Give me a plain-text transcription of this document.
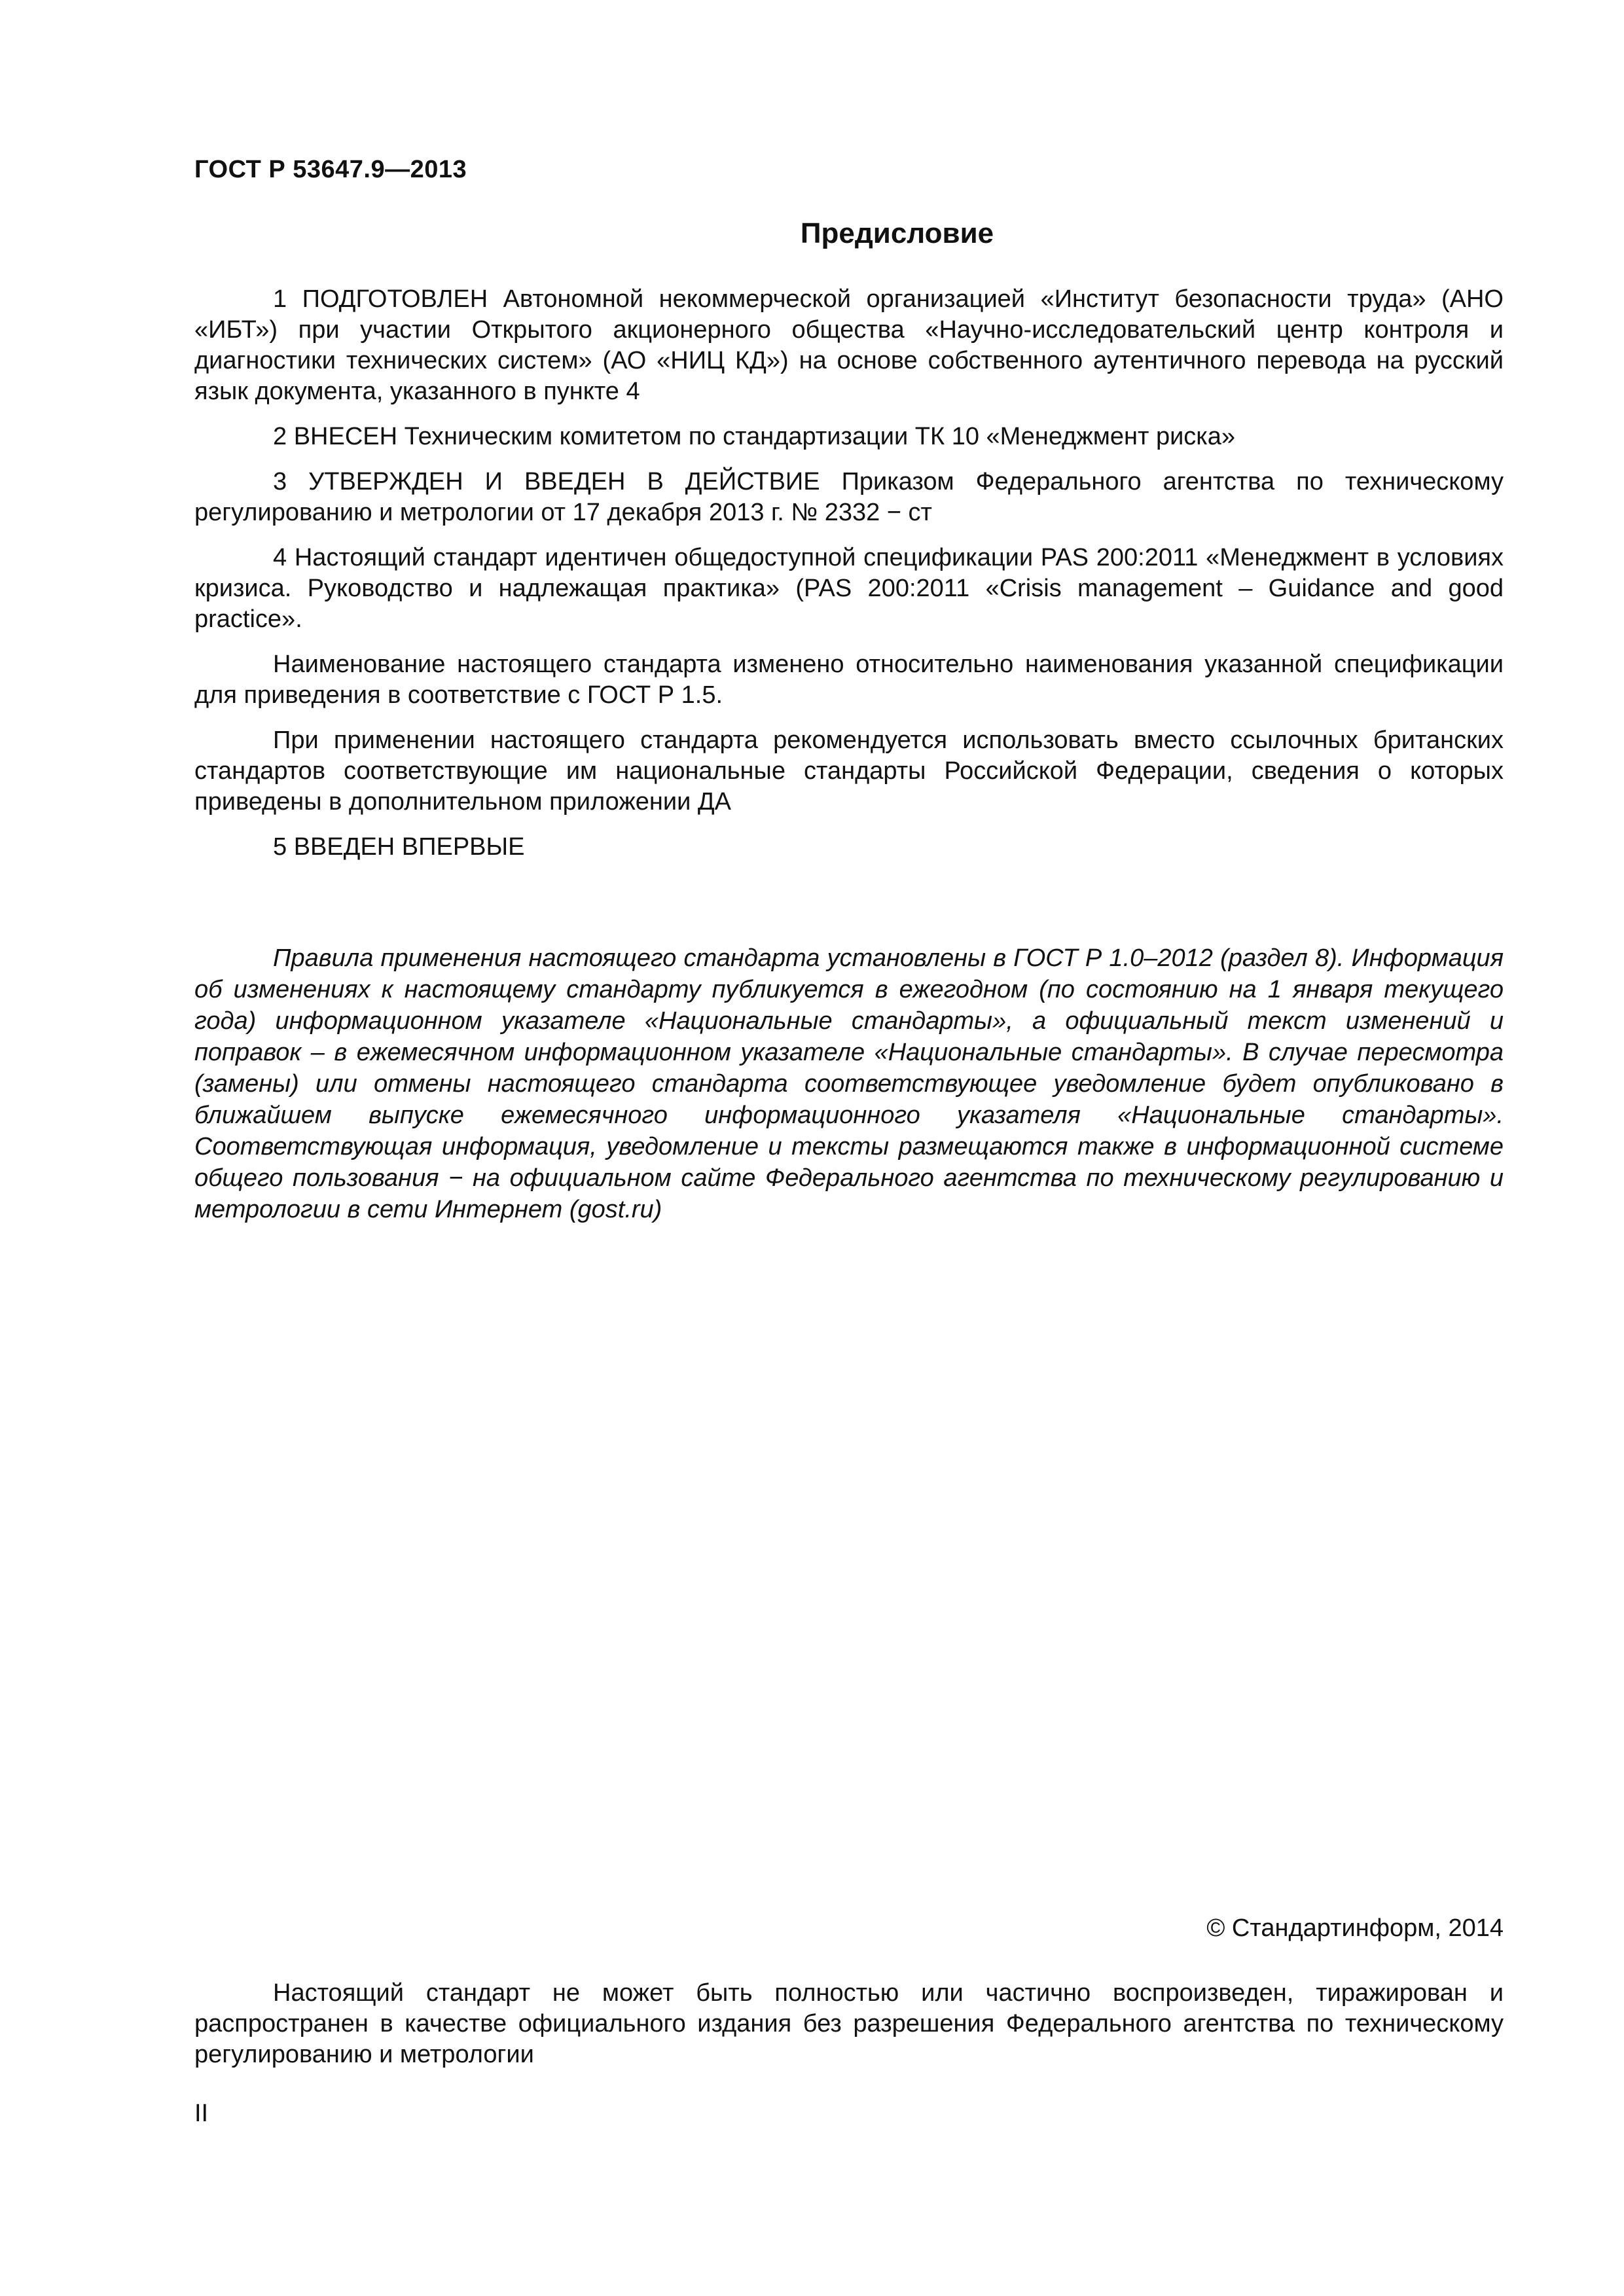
ГОСТ Р 53647.9—2013
Предисловие

1 ПОДГОТОВЛЕН Автономной некоммерческой организацией «Институт безопасности труда» (АНО «ИБТ») при участии Открытого акционерного общества «Научно-исследовательский центр контроля и диагностики технических систем» (АО «НИЦ КД») на основе собственного аутентичного перевода на русский язык документа, указанного в пункте 4

2 ВНЕСЕН Техническим комитетом по стандартизации ТК 10 «Менеджмент риска»

3 УТВЕРЖДЕН И ВВЕДЕН В ДЕЙСТВИЕ Приказом Федерального агентства по техническому регулированию и метрологии от 17 декабря 2013 г. № 2332 − ст

4 Настоящий стандарт идентичен общедоступной спецификации PAS 200:2011 «Менеджмент в условиях кризиса. Руководство и надлежащая практика» (PAS 200:2011 «Crisis management – Guidance and good practice».

Наименование настоящего стандарта изменено относительно наименования указанной спецификации для приведения в соответствие с ГОСТ Р 1.5.

При применении настоящего стандарта рекомендуется использовать вместо ссылочных британских стандартов соответствующие им национальные стандарты Российской Федерации, сведения о которых приведены в дополнительном приложении ДА

5 ВВЕДЕН ВПЕРВЫЕ

Правила применения настоящего стандарта установлены в ГОСТ Р 1.0–2012 (раздел 8). Информация об изменениях к настоящему стандарту публикуется в ежегодном (по состоянию на 1 января текущего года) информационном указателе «Национальные стандарты», а официальный текст изменений и поправок – в ежемесячном информационном указателе «Национальные стандарты». В случае пересмотра (замены) или отмены настоящего стандарта соответствующее уведомление будет опубликовано в ближайшем выпуске ежемесячного информационного указателя «Национальные стандарты». Соответствующая информация, уведомление и тексты размещаются также в информационной системе общего пользования − на официальном сайте Федерального агентства по техническому регулированию и метрологии в сети Интернет (gost.ru)
© Стандартинформ, 2014
Настоящий стандарт не может быть полностью или частично воспроизведен, тиражирован и распространен в качестве официального издания без разрешения Федерального агентства по техническому регулированию и метрологии
II
